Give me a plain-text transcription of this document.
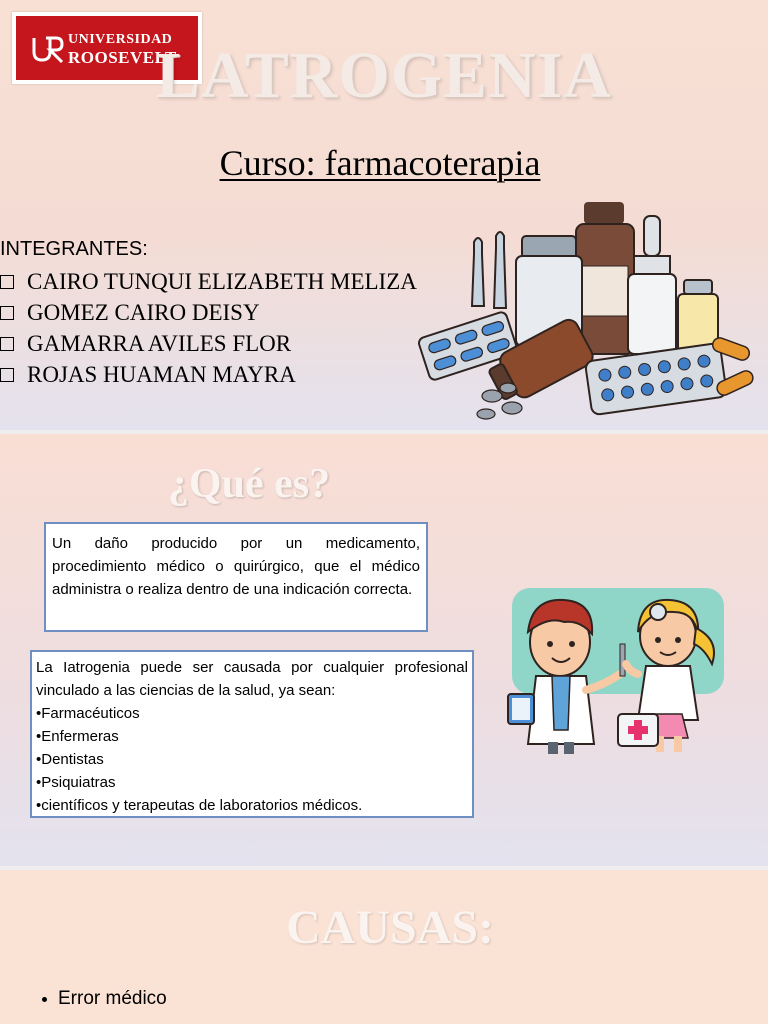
UNIVERSIDAD
ROOSEVELT
LATROGENIA
Curso: farmacoterapia
INTEGRANTES:
CAIRO TUNQUI ELIZABETH MELIZA
GOMEZ CAIRO DEISY
GAMARRA AVILES FLOR
ROJAS HUAMAN MAYRA
¿Qué es?
Un daño producido por un medicamento, procedimiento médico o quirúrgico, que el médico administra o realiza dentro de una indicación correcta.
La Iatrogenia puede ser causada por cualquier profesional vinculado a las ciencias de la salud, ya sean:
•Farmacéuticos
•Enfermeras
•Dentistas
•Psiquiatras
•científicos y terapeutas de laboratorios médicos.
CAUSAS:
Error médico
